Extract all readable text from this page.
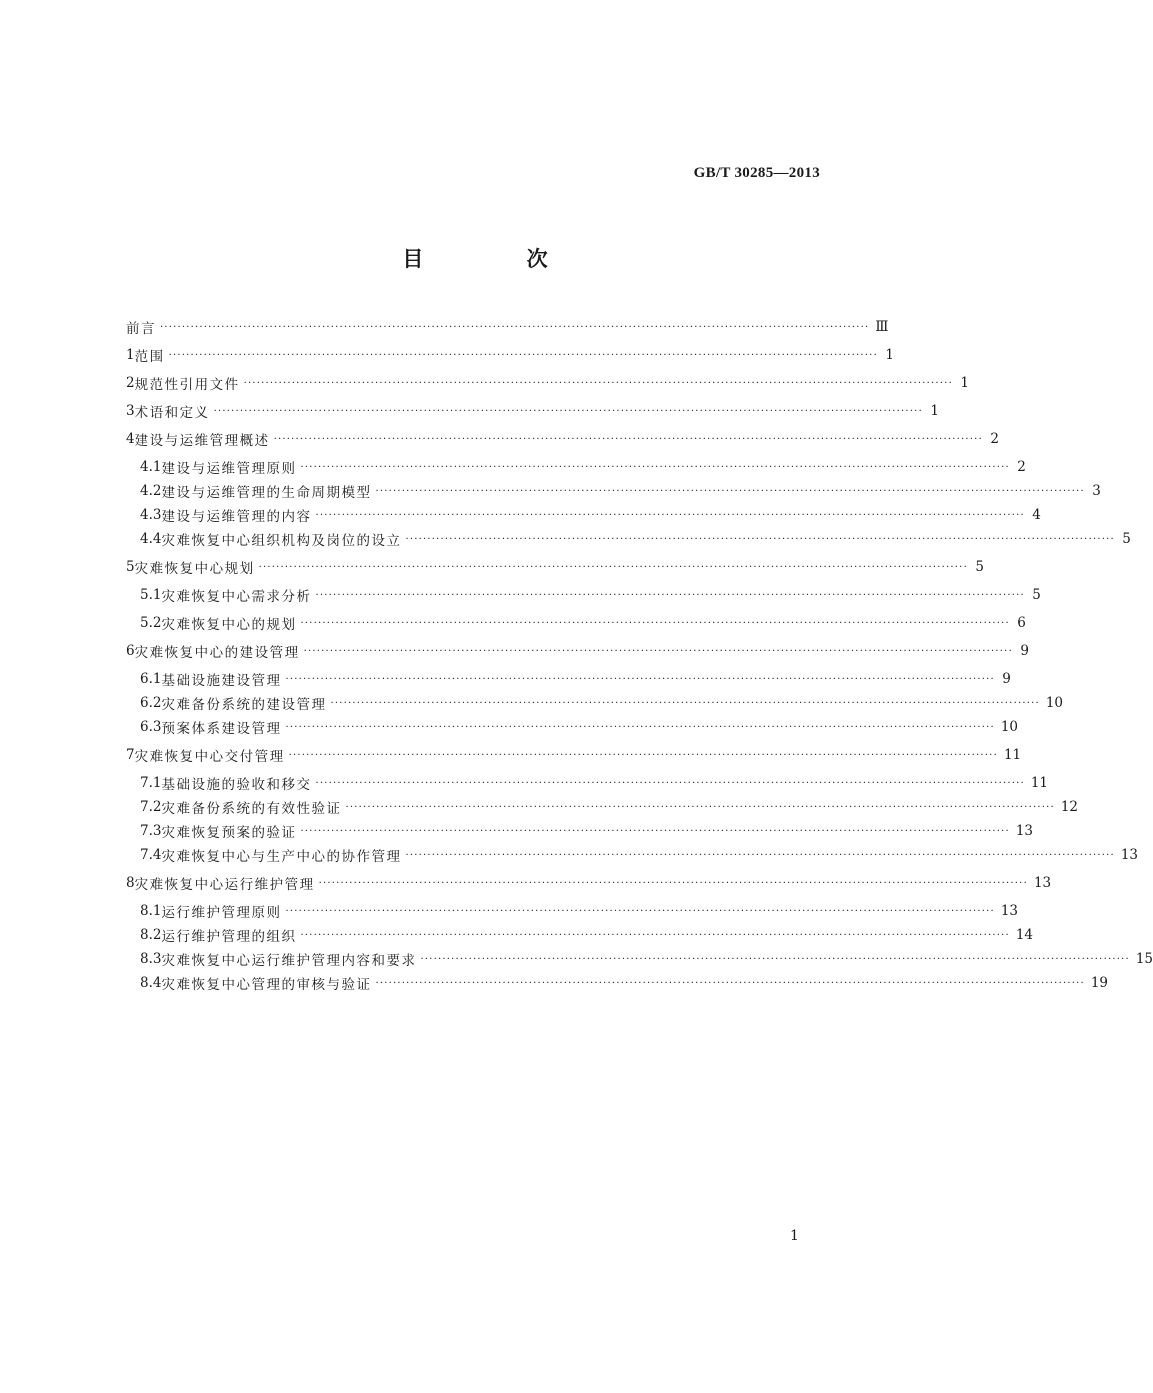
GB/T 30285—2013
目 次
前言 ·································································································································································· Ⅲ
1 范围 ·································································································································································· 1
2 规范性引用文件 ·································································································································································· 1
3 术语和定义 ·································································································································································· 1
4 建设与运维管理概述 ·································································································································································· 2
4.1 建设与运维管理原则 ·································································································································································· 2
4.2 建设与运维管理的生命周期模型 ·································································································································································· 3
4.3 建设与运维管理的内容 ·································································································································································· 4
4.4 灾难恢复中心组织机构及岗位的设立 ·································································································································································· 5
5 灾难恢复中心规划 ·································································································································································· 5
5.1 灾难恢复中心需求分析 ·································································································································································· 5
5.2 灾难恢复中心的规划 ·································································································································································· 6
6 灾难恢复中心的建设管理 ·································································································································································· 9
6.1 基础设施建设管理 ·································································································································································· 9
6.2 灾难备份系统的建设管理 ·································································································································································· 10
6.3 预案体系建设管理 ·································································································································································· 10
7 灾难恢复中心交付管理 ·································································································································································· 11
7.1 基础设施的验收和移交 ·································································································································································· 11
7.2 灾难备份系统的有效性验证 ·································································································································································· 12
7.3 灾难恢复预案的验证 ·································································································································································· 13
7.4 灾难恢复中心与生产中心的协作管理 ·································································································································································· 13
8 灾难恢复中心运行维护管理 ·································································································································································· 13
8.1 运行维护管理原则 ·································································································································································· 13
8.2 运行维护管理的组织 ·································································································································································· 14
8.3 灾难恢复中心运行维护管理内容和要求 ·································································································································································· 15
8.4 灾难恢复中心管理的审核与验证 ·································································································································································· 19
1
